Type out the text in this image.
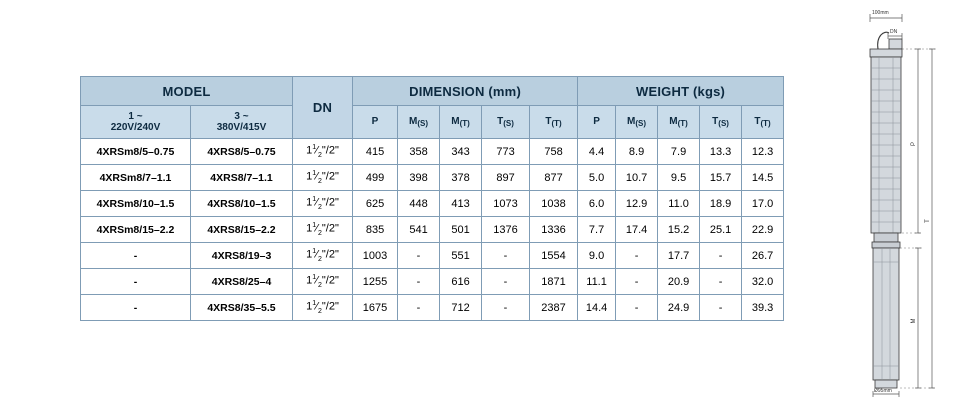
MODEL		DN	DIMENSION (mm)					WEIGHT (kgs)				
1 ~
220V/240V	3 ~
380V/415V		P	$M_{(S)}$	$M_{(T)}$	$T_{(S)}$	$T_{(T)}$	P	$M_{(S)}$	$M_{(T)}$	$T_{(S)}$	$T_{(T)}$
4XRSm8/5–0.75	4XRS8/5–0.75	$1^1⁄_2"/2$"	415	358	343	773	758	4.4	8.9	7.9	13.3	12.3
4XRSm8/7–1.1	4XRS8/7–1.1	$1^1⁄_2"/2$"	499	398	378	897	877	5.0	10.7	9.5	15.7	14.5
4XRSm8/10–1.5	4XRS8/10–1.5	$1^1⁄_2"/2$"	625	448	413	1073	1038	6.0	12.9	11.0	18.9	17.0
4XRSm8/15–2.2	4XRS8/15–2.2	$1^1⁄_2"/2$"	835	541	501	1376	1336	7.7	17.4	15.2	25.1	22.9
-	4XRS8/19–3	$1^1⁄_2"/2$"	1003	-	551	-	1554	9.0	-	17.7	-	26.7
-	4XRS8/25–4	$1^1⁄_2"/2$"	1255	-	616	-	1871	11.1	-	20.9	-	32.0
-	4XRS8/35–5.5	$1^1⁄_2"/2$"	1675	-	712	-	2387	14.4	-	24.9	-	39.3
100mm
DN
Ø95mm
P
T
M
